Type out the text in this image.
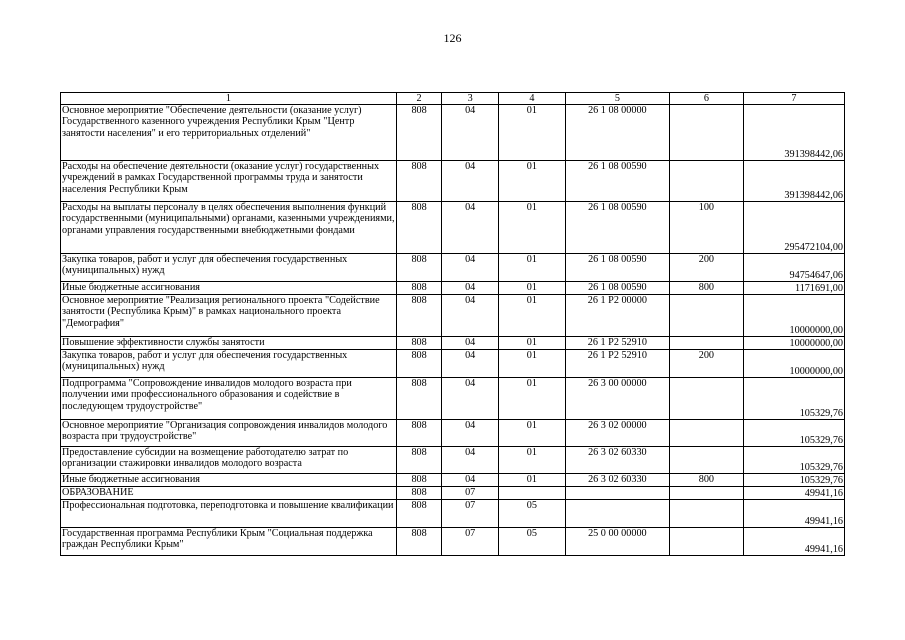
126
1	2	3	4	5	6	7
Основное мероприятие "Обеспечение деятельности (оказание услуг) Государственного казенного учреждения Республики Крым "Центр занятости населения" и его территориальных отделений"	808	04	01	26 1 08 00000		391398442,06
Расходы на обеспечение деятельности (оказание услуг) государственных учреждений в рамках Государственной программы труда и занятости населения Республики Крым	808	04	01	26 1 08 00590		391398442,06
Расходы на выплаты персоналу в целях обеспечения выполнения функций государственными (муниципальными) органами, казенными учреждениями, органами управления государственными внебюджетными фондами	808	04	01	26 1 08 00590	100	295472104,00
Закупка товаров, работ и услуг для обеспечения государственных (муниципальных) нужд	808	04	01	26 1 08 00590	200	94754647,06
Иные бюджетные ассигнования	808	04	01	26 1 08 00590	800	1171691,00
Основное мероприятие "Реализация регионального проекта "Содействие занятости (Республика Крым)" в рамках национального проекта "Демография"	808	04	01	26 1 Р2 00000		10000000,00
Повышение эффективности службы занятости	808	04	01	26 1 Р2 52910		10000000,00
Закупка товаров, работ и услуг для обеспечения государственных (муниципальных) нужд	808	04	01	26 1 Р2 52910	200	10000000,00
Подпрограмма "Сопровождение инвалидов молодого возраста при получении ими профессионального образования и содействие в последующем трудоустройстве"	808	04	01	26 3 00 00000		105329,76
Основное мероприятие "Организация сопровождения инвалидов молодого возраста при трудоустройстве"	808	04	01	26 3 02 00000		105329,76
Предоставление субсидии на возмещение работодателю затрат по организации стажировки инвалидов молодого возраста	808	04	01	26 3 02 60330		105329,76
Иные бюджетные ассигнования	808	04	01	26 3 02 60330	800	105329,76
ОБРАЗОВАНИЕ	808	07				49941,16
Профессиональная подготовка, переподготовка и повышение квалификации	808	07	05			49941,16
Государственная программа Республики Крым "Социальная поддержка граждан Республики Крым"	808	07	05	25 0 00 00000		49941,16
